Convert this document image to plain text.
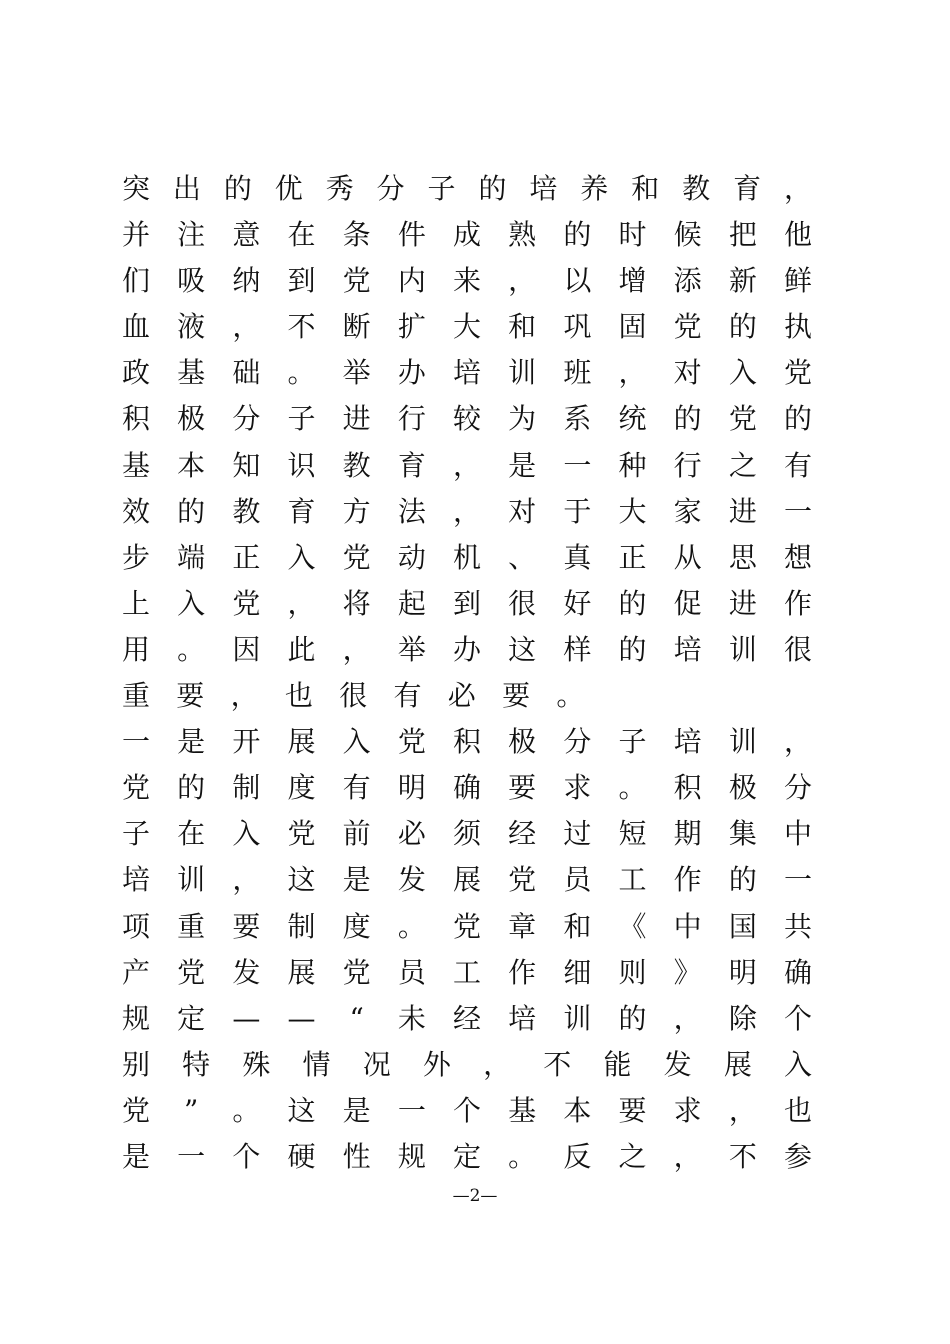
突 出 的 优 秀 分 子 的 培 养 和 教 育 ，
并 注 意 在 条 件 成 熟 的 时 候 把 他
们 吸 纳 到 党 内 来 ， 以 增 添 新 鲜
血 液 ， 不 断 扩 大 和 巩 固 党 的 执
政 基 础 。 举 办 培 训 班 ， 对 入 党
积 极 分 子 进 行 较 为 系 统 的 党 的
基 本 知 识 教 育 ， 是 一 种 行 之 有
效 的 教 育 方 法 ， 对 于 大 家 进 一
步 端 正 入 党 动 机 、 真 正 从 思 想
上 入 党 ， 将 起 到 很 好 的 促 进 作
用 。 因 此 ， 举 办 这 样 的 培 训 很
重 要 ， 也 很 有 必 要 。
一 是 开 展 入 党 积 极 分 子 培 训 ，
党 的 制 度 有 明 确 要 求 。 积 极 分
子 在 入 党 前 必 须 经 过 短 期 集 中
培 训 ， 这 是 发 展 党 员 工 作 的 一
项 重 要 制 度 。 党 章 和 《 中 国 共
产 党 发 展 党 员 工 作 细 则 》 明 确
规 定 — — “ 未 经 培 训 的 ， 除 个
别 特 殊 情 况 外 ， 不 能 发 展 入
党 ” 。 这 是 一 个 基 本 要 求 ， 也
是 一 个 硬 性 规 定 。 反 之 ， 不 参
—2—
